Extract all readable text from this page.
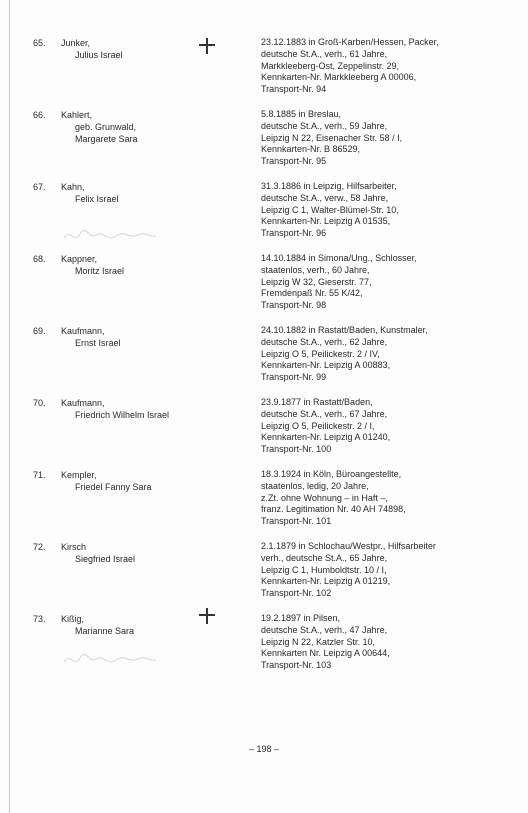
65. Junker,
Julius Israel
23.12.1883 in Groß-Karben/Hessen, Packer,
deutsche St.A., verh., 61 Jahre,
Markkleeberg-Ost, Zeppelinstr. 29,
Kennkarten-Nr. Markkleeberg A 00006,
Transport-Nr. 94
66. Kahlert,
geb. Grunwald,
Margarete Sara
5.8.1885 in Breslau,
deutsche St.A., verh., 59 Jahre,
Leipzig N 22, Eisenacher Str. 58 / I,
Kennkarten-Nr. B 86529,
Transport-Nr. 95
67. Kahn,
Felix Israel
31.3.1886 in Leipzig, Hilfsarbeiter,
deutsche St.A., verw., 58 Jahre,
Leipzig C 1, Walter-Blümel-Str. 10,
Kennkarten-Nr. Leipzig A 01535,
Transport-Nr. 96
68. Kappner,
Moritz Israel
14.10.1884 in Simona/Ung., Schlosser,
staatenlos, verh., 60 Jahre,
Leipzig W 32, Gieserstr. 77,
Fremdenpaß Nr. 55 K/42,
Transport-Nr. 98
69. Kaufmann,
Ernst Israel
24.10.1882 in Rastatt/Baden, Kunstmaler,
deutsche St.A., verh., 62 Jahre,
Leipzig O 5, Peilickestr. 2 / IV,
Kennkarten-Nr. Leipzig A 00883,
Transport-Nr. 99
70. Kaufmann,
Friedrich Wilhelm Israel
23.9.1877 in Rastatt/Baden,
deutsche St.A., verh., 67 Jahre,
Leipzig O 5, Peilickestr. 2 / I,
Kennkarten-Nr. Leipzig A 01240,
Transport-Nr. 100
71. Kempler,
Friedel Fanny Sara
18.3.1924 in Köln, Büroangestellte,
staatenlos, ledig, 20 Jahre,
z.Zt. ohne Wohnung – in Haft –,
franz. Legitimation Nr. 40 AH 74898,
Transport-Nr. 101
72. Kirsch
Siegfried Israel
2.1.1879 in Schlochau/Westpr., Hilfsarbeiter
verh., deutsche St.A., 65 Jahre,
Leipzig C 1, Humboldtstr. 10 / I,
Kennkarten-Nr. Leipzig A 01219,
Transport-Nr. 102
73. Kißig,
Marianne Sara
19.2.1897 in Pilsen,
deutsche St.A., verh., 47 Jahre,
Leipzig N 22, Katzler Str. 10,
Kennkarten Nr. Leipzig A 00644,
Transport-Nr. 103
– 198 –
